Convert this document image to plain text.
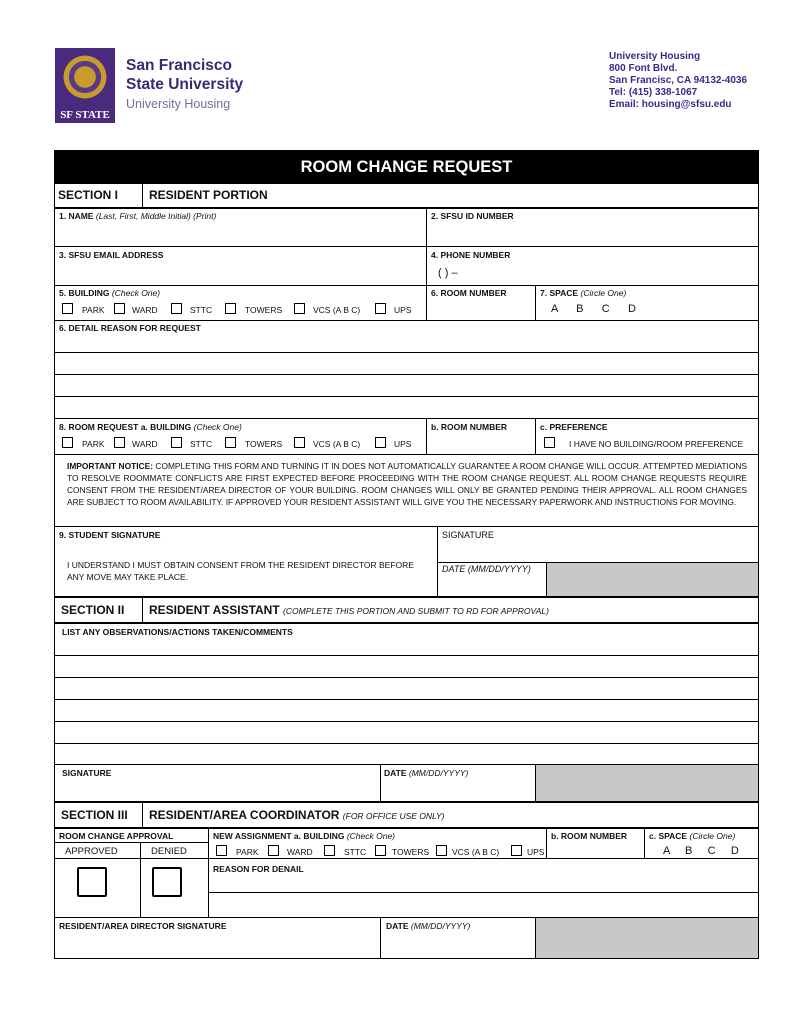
SF STATE
San Francisco
State University
University Housing
University Housing
800 Font Blvd.
San Francisc, CA 94132-4036
Tel: (415) 338-1067
Email: housing@sfsu.edu
ROOM CHANGE REQUEST
SECTION I	RESIDENT PORTION
1. NAME (Last, First, Middle Initial) (Print)	2. SFSU ID NUMBER
3. SFSU EMAIL ADDRESS	4. PHONE NUMBER
( ) –
5. BUILDING (Check One)
PARK	WARD	STTC	TOWERS	VCS (A B C)	UPS
6. ROOM NUMBER	7. SPACE (Circle One)
A      B      C      D
6. DETAIL REASON FOR REQUEST
8. ROOM REQUEST a. BUILDING (Check One)
PARK	WARD	STTC	TOWERS	VCS (A B C)	UPS
b. ROOM NUMBER	c. PREFERENCE
I HAVE NO BUILDING/ROOM PREFERENCE
IMPORTANT NOTICE: COMPLETING THIS FORM AND TURNING IT IN DOES NOT AUTOMATICALLY GUARANTEE A ROOM CHANGE WILL OCCUR. ATTEMPTED MEDIATIONS TO RESOLVE ROOMMATE CONFLICTS ARE FIRST EXPECTED BEFORE PROCEEDING WITH THE ROOM CHANGE REQUEST. ALL ROOM CHANGE REQUESTS REQUIRE CONSENT FROM THE RESIDENT/AREA DIRECTOR OF YOUR BUILDING. ROOM CHANGES WILL ONLY BE GRANTED PENDING THEIR APPROVAL. ALL ROOM CHANGES ARE SUBJECT TO ROOM AVAILABILITY. IF APPROVED YOUR RESIDENT ASSISTANT WILL GIVE YOU THE NECESSARY PAPERWORK AND INSTRUCTIONS FOR MOVING.
9. STUDENT SIGNATURE
I UNDERSTAND I MUST OBTAIN CONSENT FROM THE RESIDENT DIRECTOR BEFORE ANY MOVE MAY TAKE PLACE.
SIGNATURE
DATE (MM/DD/YYYY)
SECTION II RESIDENT ASSISTANT (COMPLETE THIS PORTION AND SUBMIT TO RD FOR APPROVAL)
LIST ANY OBSERVATIONS/ACTIONS TAKEN/COMMENTS
SIGNATURE	DATE (MM/DD/YYYY)
SECTION III RESIDENT/AREA COORDINATOR (FOR OFFICE USE ONLY)
ROOM CHANGE APPROVAL
APPROVED	DENIED
NEW ASSIGNMENT a. BUILDING (Check One)
PARK	WARD	STTC	TOWERS	VCS (A B C)	UPS
b. ROOM NUMBER	c. SPACE (Circle One)
A     B     C     D
REASON FOR DENAIL
RESIDENT/AREA DIRECTOR SIGNATURE	DATE (MM/DD/YYYY)
